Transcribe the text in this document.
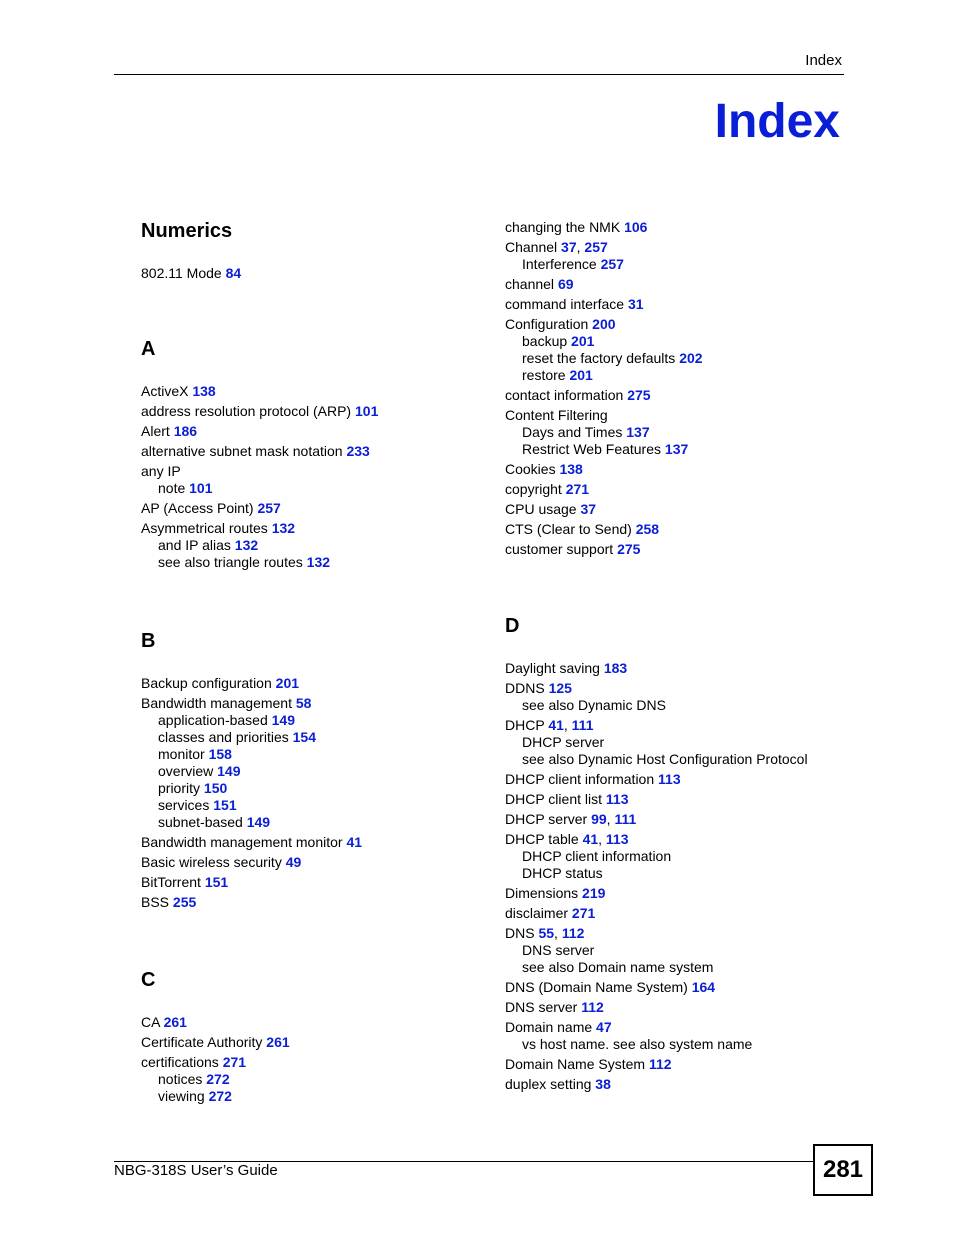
Index
Index
Numerics
802.11 Mode 84
A
ActiveX 138
address resolution protocol (ARP) 101
Alert 186
alternative subnet mask notation 233
any IP
note 101
AP (Access Point) 257
Asymmetrical routes 132
and IP alias 132
see also triangle routes 132
B
Backup configuration 201
Bandwidth management 58
application-based 149
classes and priorities 154
monitor 158
overview 149
priority 150
services 151
subnet-based 149
Bandwidth management monitor 41
Basic wireless security 49
BitTorrent 151
BSS 255
C
CA 261
Certificate Authority 261
certifications 271
notices 272
viewing 272
changing the NMK 106
Channel 37, 257
Interference 257
channel 69
command interface 31
Configuration 200
backup 201
reset the factory defaults 202
restore 201
contact information 275
Content Filtering
Days and Times 137
Restrict Web Features 137
Cookies 138
copyright 271
CPU usage 37
CTS (Clear to Send) 258
customer support 275
D
Daylight saving 183
DDNS 125
see also Dynamic DNS
DHCP 41, 111
DHCP server
see also Dynamic Host Configuration Protocol
DHCP client information 113
DHCP client list 113
DHCP server 99, 111
DHCP table 41, 113
DHCP client information
DHCP status
Dimensions 219
disclaimer 271
DNS 55, 112
DNS server
see also Domain name system
DNS (Domain Name System) 164
DNS server 112
Domain name 47
vs host name. see also system name
Domain Name System 112
duplex setting 38
NBG-318S User’s Guide	281
